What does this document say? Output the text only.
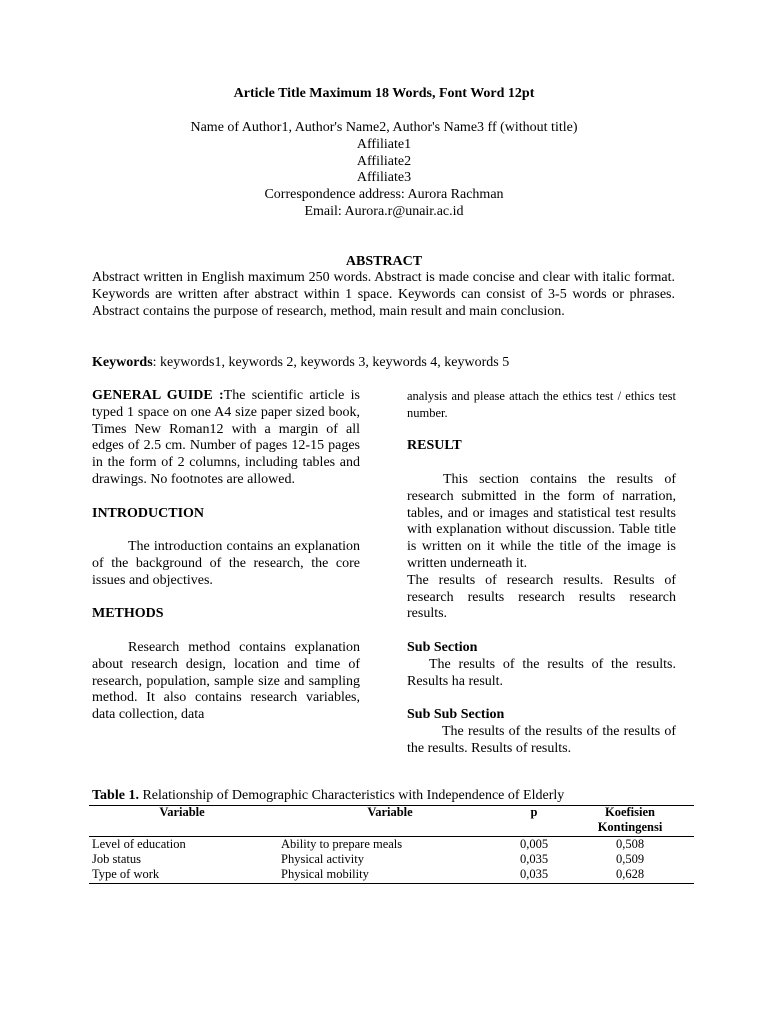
Article Title Maximum 18 Words, Font Word 12pt
Name of Author1, Author's Name2, Author's Name3 ff (without title)
Affiliate1
Affiliate2
Affiliate3
Correspondence address: Aurora Rachman
Email: Aurora.r@unair.ac.id
ABSTRACT

Abstract written in English maximum 250 words. Abstract is made concise and clear with italic format. Keywords are written after abstract within 1 space. Keywords can consist of 3-5 words or phrases. Abstract contains the purpose of research, method, main result and main conclusion.

Keywords: keywords1, keywords 2, keywords 3, keywords 4, keywords 5

GENERAL GUIDE :The scientific article is typed 1 space on one A4 size paper sized book, Times New Roman12 with a margin of all edges of 2.5 cm. Number of pages 12-15 pages in the form of 2 columns, including tables and drawings. No footnotes are allowed.

INTRODUCTION

The introduction contains an explanation of the background of the research, the core issues and objectives.

METHODS

Research method contains explanation about research design, location and time of research, population, sample size and sampling method. It also contains research variables, data collection, data

analysis and please attach the ethics test / ethics test number.

RESULT

This section contains the results of research submitted in the form of narration, tables, and or images and statistical test results with explanation without discussion. Table title is written on it while the title of the image is written underneath it.

The results of research results. Results of research results research results research results.

Sub Section

The results of the results of the results. Results ha result.

Sub Sub Section

The results of the results of the results of the results. Results of results.

Table 1. Relationship of Demographic Characteristics with Independence of Elderly
Variable	Variable	p	Koefisien
Kontingensi
Level of education	Ability to prepare meals	0,005	0,508
Job status	Physical activity	0,035	0,509
Type of work	Physical mobility	0,035	0,628
